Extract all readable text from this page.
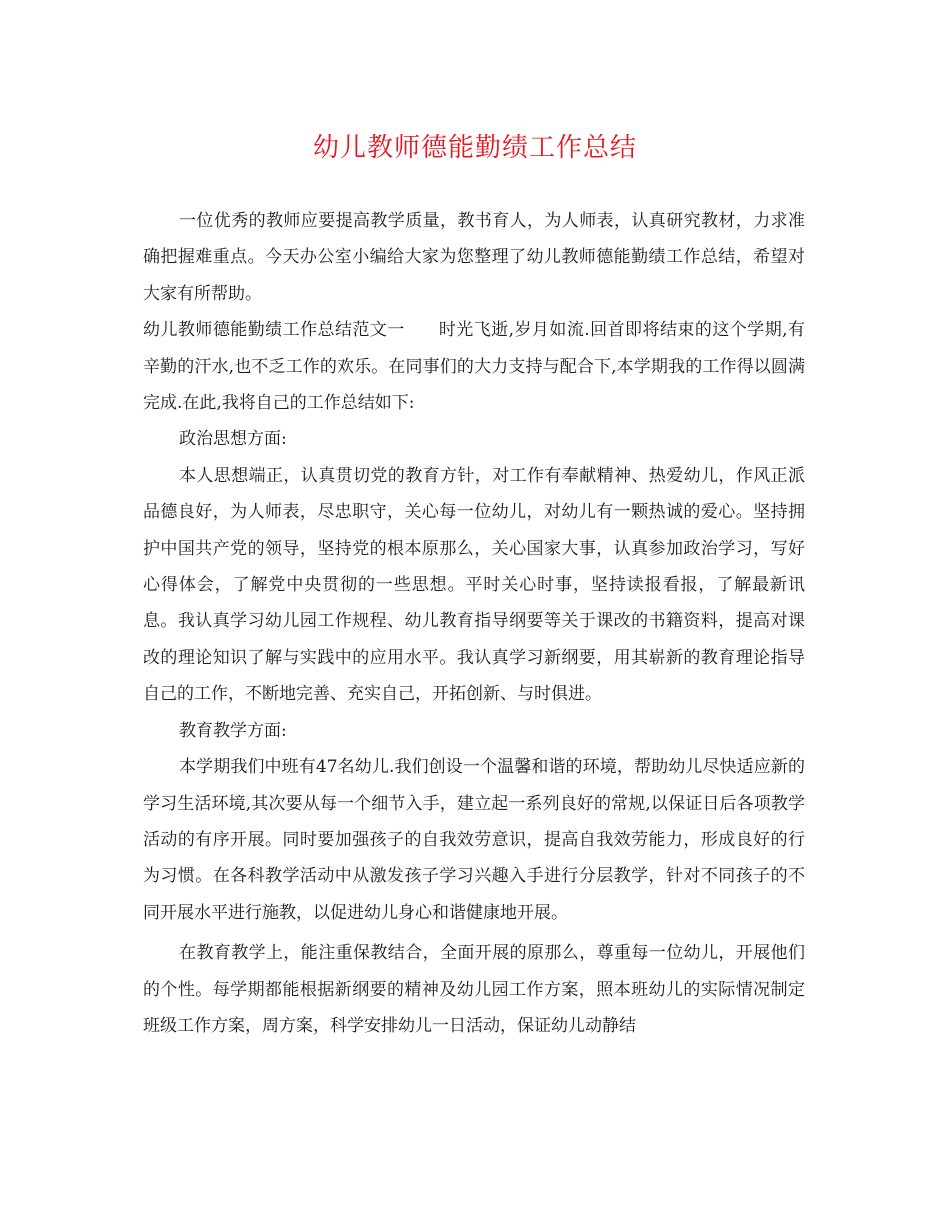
幼儿教师德能勤绩工作总结

一位优秀的教师应要提高教学质量，教书育人，为人师表，认真研究教材，力求准确把握难重点。今天办公室小编给大家为您整理了幼儿教师德能勤绩工作总结，希望对大家有所帮助。

幼儿教师德能勤绩工作总结范文一 时光飞逝,岁月如流.回首即将结束的这个学期,有辛勤的汗水,也不乏工作的欢乐。在同事们的大力支持与配合下,本学期我的工作得以圆满完成.在此,我将自己的工作总结如下:

政治思想方面:

本人思想端正，认真贯切党的教育方针，对工作有奉献精神、热爱幼儿，作风正派品德良好，为人师表，尽忠职守，关心每一位幼儿，对幼儿有一颗热诚的爱心。坚持拥护中国共产党的领导，坚持党的根本原那么，关心国家大事，认真参加政治学习，写好心得体会，了解党中央贯彻的一些思想。平时关心时事，坚持读报看报，了解最新讯息。我认真学习幼儿园工作规程、幼儿教育指导纲要等关于课改的书籍资料，提高对课改的理论知识了解与实践中的应用水平。我认真学习新纲要，用其崭新的教育理论指导自己的工作，不断地完善、充实自己，开拓创新、与时俱进。

教育教学方面:

本学期我们中班有47名幼儿.我们创设一个温馨和谐的环境，帮助幼儿尽快适应新的学习生活环境,其次要从每一个细节入手，建立起一系列良好的常规,以保证日后各项教学活动的有序开展。同时要加强孩子的自我效劳意识，提高自我效劳能力，形成良好的行为习惯。在各科教学活动中从激发孩子学习兴趣入手进行分层教学，针对不同孩子的不同开展水平进行施教，以促进幼儿身心和谐健康地开展。

在教育教学上，能注重保教结合，全面开展的原那么，尊重每一位幼儿，开展他们的个性。每学期都能根据新纲要的精神及幼儿园工作方案，照本班幼儿的实际情况制定班级工作方案，周方案，科学安排幼儿一日活动，保证幼儿动静结
